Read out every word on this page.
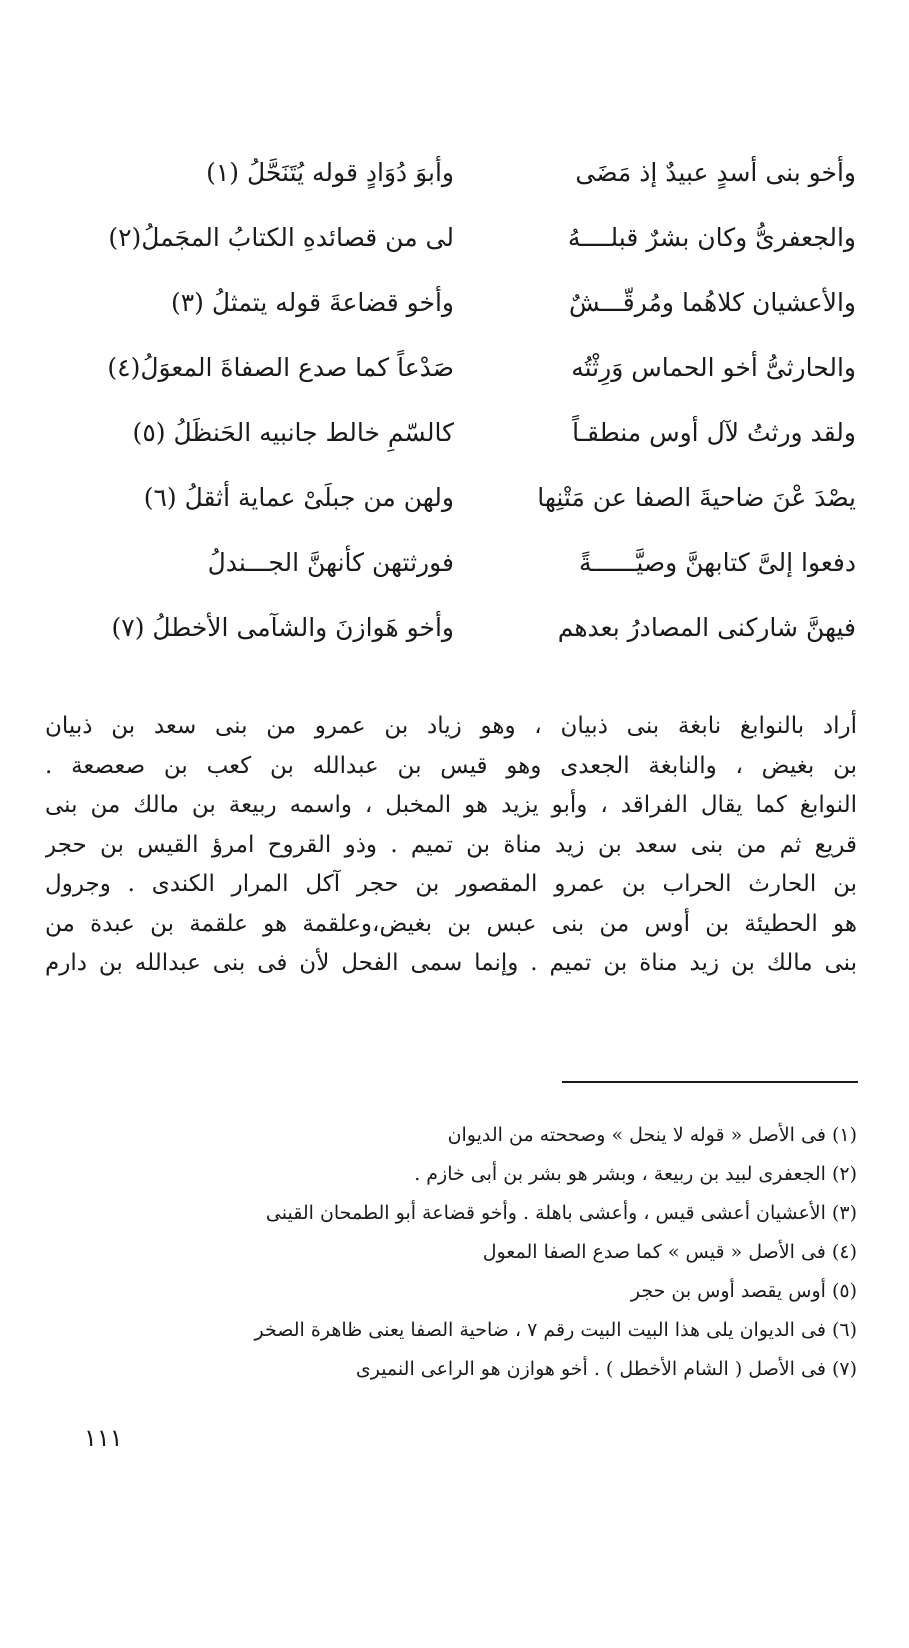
وأخو بنى أسدٍ عبيدٌ إذ مَضَى
وأبوَ دُوَادٍ قوله يُتَنَحَّلُ (١)
والجعفرىُّ وكان بشرٌ قبلــــهُ
لى من قصائدهِ الكتابُ المجَملُ(٢)
والأعشيان كلاهُما ومُرقّـــشٌ
وأخو قضاعةَ قوله يتمثلُ (٣)
والحارثىُّ أخو الحماس وَرِثْتُه
صَدْعاً كما صدع الصفاةَ المعوَلُ(٤)
ولقد ورثتُ لآل أوس منطقـاً
كالسّمِ خالط جانبيه الحَنظَلُ (٥)
يصْدَ عْنَ ضاحيةَ الصفا عن مَتْنِها
ولهن من جبلَىْ عماية أثقلُ (٦)
دفعوا إلىَّ كتابهنَّ وصيَّــــــةً
فورثتهن كأنهنَّ الجـــندلُ
فيهنَّ شاركنى المصادرُ بعدهم
وأخو هَوازنَ والشآمى الأخطلُ (٧)

أراد بالنوابغ نابغة بنى ذبيان ، وهو زياد بن عمرو من بنى سعد بن ذبيان

بن بغيض ، والنابغة الجعدى وهو قيس بن عبدالله بن كعب بن صعصعة .

النوابغ كما يقال الفراقد ، وأبو يزيد هو المخبل ، واسمه ربيعة بن مالك من بنى

قريع ثم من بنى سعد بن زيد مناة بن تميم . وذو القروح امرؤ القيس بن حجر

بن الحارث الحراب بن عمرو المقصور بن حجر آكل المرار الكندى . وجرول

هو الحطيئة بن أوس من بنى عبس بن بغيض،وعلقمة هو علقمة بن عبدة من

بنى مالك بن زيد مناة بن تميم . وإنما سمى الفحل لأن فى بنى عبدالله بن دارم

(١) فى الأصل « قوله لا ينحل » وصححته من الديوان
(٢) الجعفرى لبيد بن ربيعة ، وبشر هو بشر بن أبى خازم .
(٣) الأعشيان أعشى قيس ، وأعشى باهلة . وأخو قضاعة أبو الطمحان القينى
(٤) فى الأصل « قيس » كما صدع الصفا المعول
(٥) أوس يقصد أوس بن حجر
(٦) فى الديوان يلى هذا البيت البيت رقم ٧ ، ضاحية الصفا يعنى ظاهرة الصخر
(٧) فى الأصل ( الشام الأخطل ) . أخو هوازن هو الراعى النميرى
١١١
